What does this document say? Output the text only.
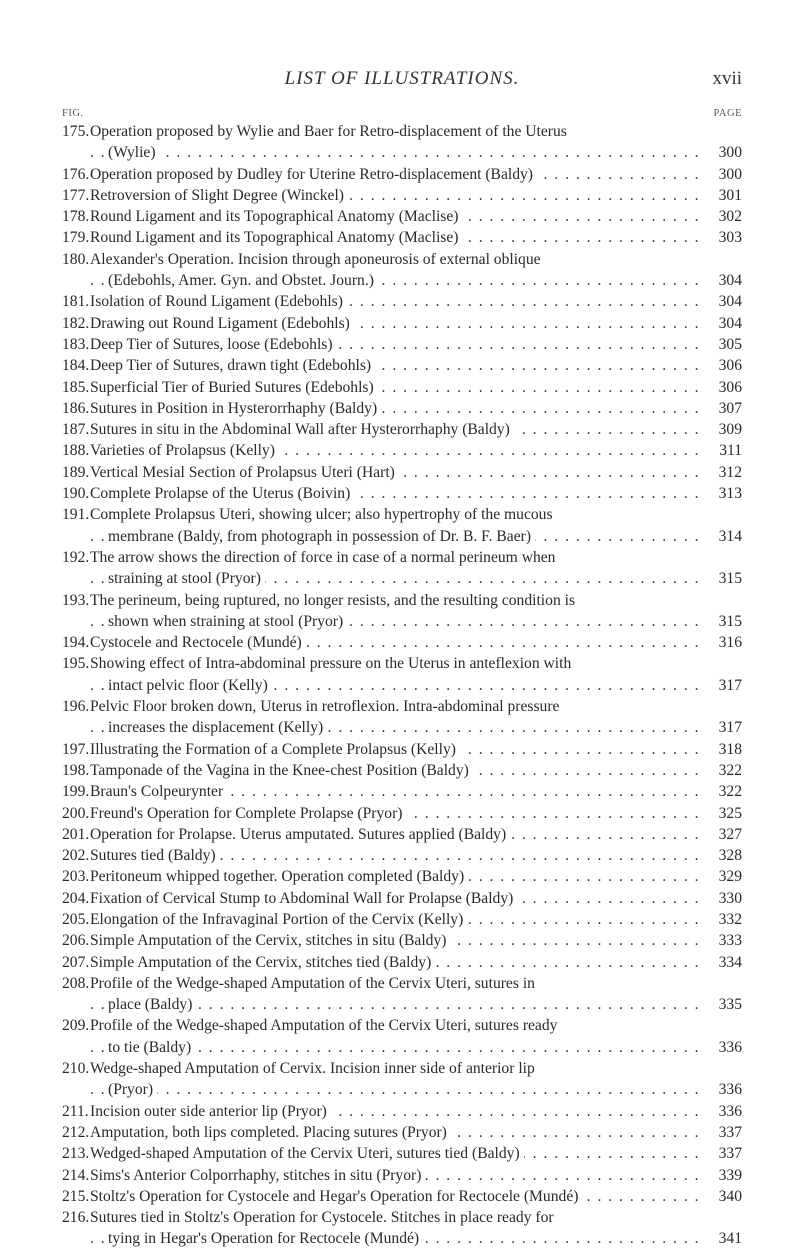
LIST OF ILLUSTRATIONS.	xvii
FIG.	PAGE
175. Operation proposed by Wylie and Baer for Retro-displacement of the Uterus
(Wylie) . . .	300
176. Operation proposed by Dudley for Uterine Retro-displacement (Baldy) . . .	300
177. Retroversion of Slight Degree (Winckel) . . .	301
178. Round Ligament and its Topographical Anatomy (Maclise) . . .	302
179. Round Ligament and its Topographical Anatomy (Maclise) . . .	303
180. Alexander's Operation. Incision through aponeurosis of external oblique
(Edebohls, Amer. Gyn. and Obstet. Journ.) . . .	304
181. Isolation of Round Ligament (Edebohls) . . .	304
182. Drawing out Round Ligament (Edebohls) . . .	304
183. Deep Tier of Sutures, loose (Edebohls) . . .	305
184. Deep Tier of Sutures, drawn tight (Edebohls) . . .	306
185. Superficial Tier of Buried Sutures (Edebohls) . . .	306
186. Sutures in Position in Hysterorrhaphy (Baldy) . . .	307
187. Sutures in situ in the Abdominal Wall after Hysterorrhaphy (Baldy) . . .	309
188. Varieties of Prolapsus (Kelly) . . .	311
189. Vertical Mesial Section of Prolapsus Uteri (Hart) . . .	312
190. Complete Prolapse of the Uterus (Boivin) . . .	313
191. Complete Prolapsus Uteri, showing ulcer; also hypertrophy of the mucous
membrane (Baldy, from photograph in possession of Dr. B. F. Baer) . . .	314
192. The arrow shows the direction of force in case of a normal perineum when
straining at stool (Pryor) . . .	315
193. The perineum, being ruptured, no longer resists, and the resulting condition is
shown when straining at stool (Pryor) . . .	315
194. Cystocele and Rectocele (Mundé) . . .	316
195. Showing effect of Intra-abdominal pressure on the Uterus in anteflexion with
intact pelvic floor (Kelly) . . .	317
196. Pelvic Floor broken down, Uterus in retroflexion. Intra-abdominal pressure
increases the displacement (Kelly) . . .	317
197. Illustrating the Formation of a Complete Prolapsus (Kelly) . . .	318
198. Tamponade of the Vagina in the Knee-chest Position (Baldy) . . .	322
199. Braun's Colpeurynter . . .	322
200. Freund's Operation for Complete Prolapse (Pryor) . . .	325
201. Operation for Prolapse. Uterus amputated. Sutures applied (Baldy) . . .	327
202. Sutures tied (Baldy) . . .	328
203. Peritoneum whipped together. Operation completed (Baldy) . . .	329
204. Fixation of Cervical Stump to Abdominal Wall for Prolapse (Baldy) . . .	330
205. Elongation of the Infravaginal Portion of the Cervix (Kelly) . . .	332
206. Simple Amputation of the Cervix, stitches in situ (Baldy) . . .	333
207. Simple Amputation of the Cervix, stitches tied (Baldy) . . .	334
208. Profile of the Wedge-shaped Amputation of the Cervix Uteri, sutures in
place (Baldy) . . .	335
209. Profile of the Wedge-shaped Amputation of the Cervix Uteri, sutures ready
to tie (Baldy) . . .	336
210. Wedge-shaped Amputation of Cervix. Incision inner side of anterior lip
(Pryor) . . .	336
211. Incision outer side anterior lip (Pryor) . . .	336
212. Amputation, both lips completed. Placing sutures (Pryor) . . .	337
213. Wedged-shaped Amputation of the Cervix Uteri, sutures tied (Baldy) . . .	337
214. Sims's Anterior Colporrhaphy, stitches in situ (Pryor) . . .	339
215. Stoltz's Operation for Cystocele and Hegar's Operation for Rectocele (Mundé) . . .	340
216. Sutures tied in Stoltz's Operation for Cystocele. Stitches in place ready for
tying in Hegar's Operation for Rectocele (Mundé) . . .	341
